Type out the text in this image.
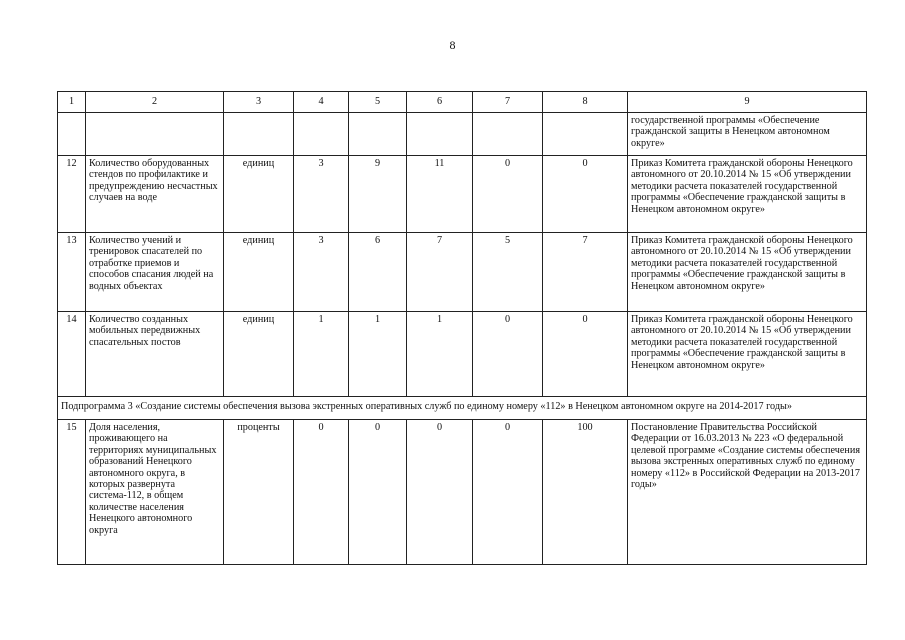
8
1	2	3	4	5	6	7	8	9
								государственной программы «Обеспечение гражданской защиты в Ненецком автономном округе»
12	Количество оборудованных стендов по профилактике и предупреждению несчастных случаев на воде	единиц	3	9	11	0	0	Приказ Комитета гражданской обороны Ненецкого автономного от 20.10.2014 № 15 «Об утверждении методики расчета показателей государственной программы «Обеспечение гражданской защиты в Ненецком автономном округе»
13	Количество учений и тренировок спасателей по отработке приемов и способов спасания людей на водных объектах	единиц	3	6	7	5	7	Приказ Комитета гражданской обороны Ненецкого автономного от 20.10.2014 № 15 «Об утверждении методики расчета показателей государственной программы «Обеспечение гражданской защиты в Ненецком автономном округе»
14	Количество созданных мобильных передвижных спасательных постов	единиц	1	1	1	0	0	Приказ Комитета гражданской обороны Ненецкого автономного от 20.10.2014 № 15 «Об утверждении методики расчета показателей государственной программы «Обеспечение гражданской защиты в Ненецком автономном округе»
Подпрограмма 3 «Создание системы обеспечения вызова экстренных оперативных служб по единому номеру «112» в Ненецком автономном округе на 2014-2017 годы»								
15	Доля населения, проживающего на территориях муниципальных образований Ненецкого автономного округа, в которых развернута система-112, в общем количестве населения Ненецкого автономного округа	проценты	0	0	0	0	100	Постановление Правительства Российской Федерации от 16.03.2013 № 223 «О федеральной целевой программе «Создание системы обеспечения вызова экстренных оперативных служб по единому номеру «112» в Российской Федерации на 2013-2017 годы»
